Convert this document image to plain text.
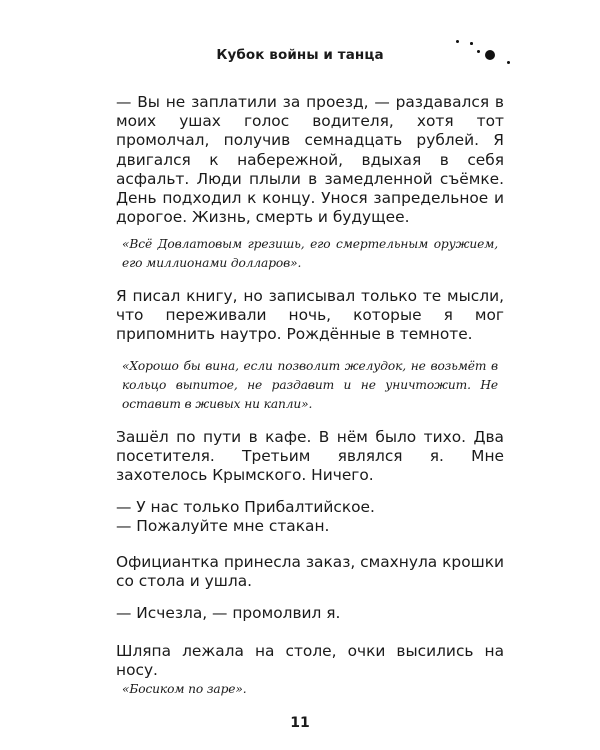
Кубок войны и танца

— Вы не заплатили за проезд, — раздавался в моих ушах голос водителя, хотя тот промолчал, получив семнадцать рублей. Я двигался к набережной, вдыхая в себя асфальт. Люди плыли в замедленной съёмке. День подходил к концу. Унося запредельное и дорогое. Жизнь, смерть и будущее.

«Всё Довлатовым грезишь, его смертельным оружием, его миллионами долларов».

Я писал книгу, но записывал только те мысли, что переживали ночь, которые я мог припомнить наутро. Рождённые в темноте.

«Хорошо бы вина, если позволит желудок, не возьмёт в кольцо выпитое, не раздавит и не уничтожит. Не оставит в живых ни капли».

Зашёл по пути в кафе. В нём было тихо. Два посетителя. Третьим являлся я. Мне захотелось Крымского. Ничего.

— У нас только Прибалтийское.

— Пожалуйте мне стакан.

Официантка принесла заказ, смахнула крошки со стола и ушла.

— Исчезла, — промолвил я.

Шляпа лежала на столе, очки высились на носу.

«Босиком по заре».

11
